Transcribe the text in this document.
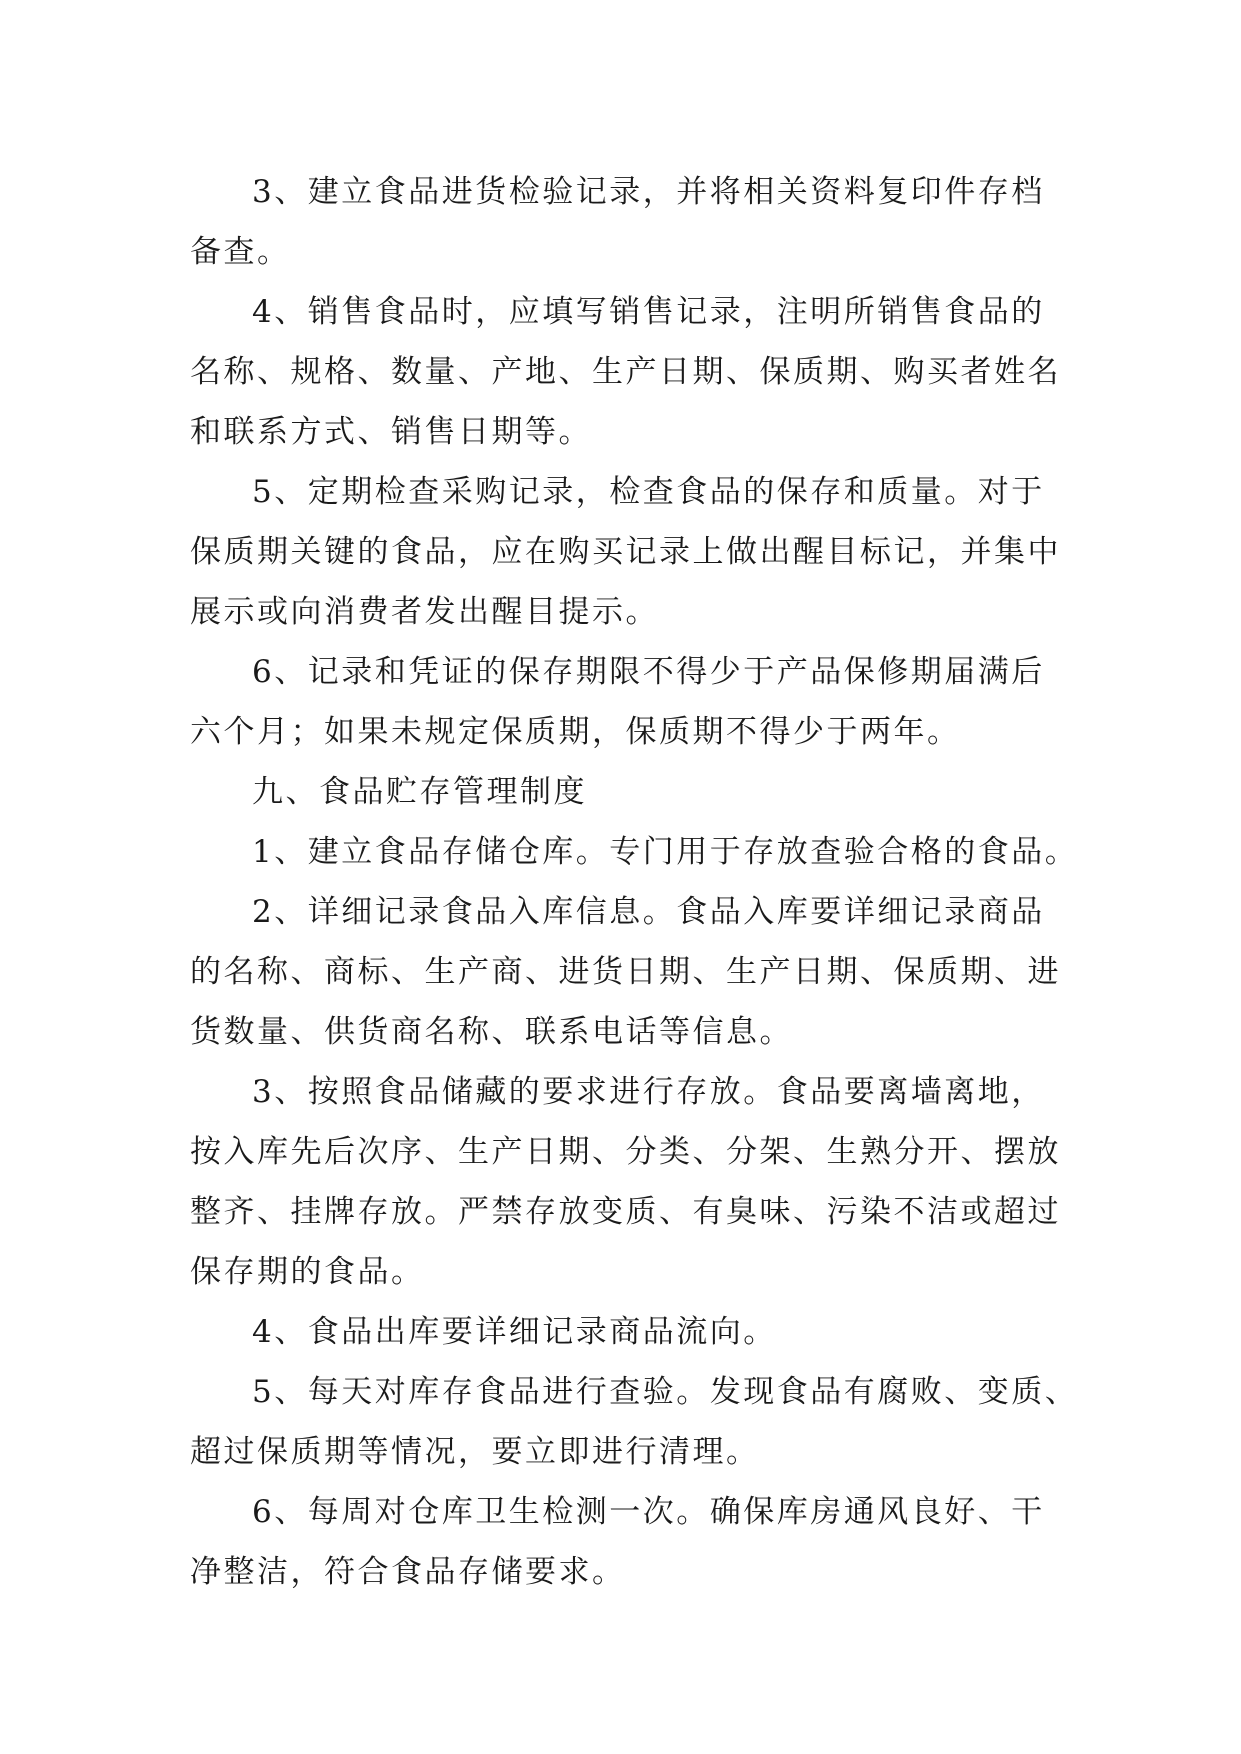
3、建立食品进货检验记录，并将相关资料复印件存档
备查。
4、销售食品时，应填写销售记录，注明所销售食品的
名称、规格、数量、产地、生产日期、保质期、购买者姓名
和联系方式、销售日期等。
5、定期检查采购记录，检查食品的保存和质量。对于
保质期关键的食品，应在购买记录上做出醒目标记，并集中
展示或向消费者发出醒目提示。
6、记录和凭证的保存期限不得少于产品保修期届满后
六个月；如果未规定保质期，保质期不得少于两年。
九、食品贮存管理制度
1、建立食品存储仓库。专门用于存放查验合格的食品。
2、详细记录食品入库信息。食品入库要详细记录商品
的名称、商标、生产商、进货日期、生产日期、保质期、进
货数量、供货商名称、联系电话等信息。
3、按照食品储藏的要求进行存放。食品要离墙离地，
按入库先后次序、生产日期、分类、分架、生熟分开、摆放
整齐、挂牌存放。严禁存放变质、有臭味、污染不洁或超过
保存期的食品。
4、食品出库要详细记录商品流向。
5、每天对库存食品进行查验。发现食品有腐败、变质、
超过保质期等情况，要立即进行清理。
6、每周对仓库卫生检测一次。确保库房通风良好、干
净整洁，符合食品存储要求。
